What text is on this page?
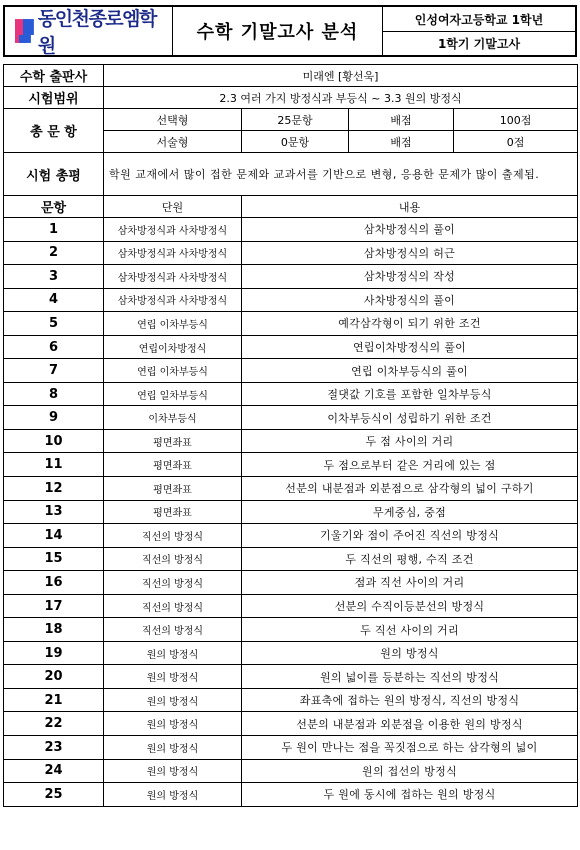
동인천종로엠학원
수학 기말고사 분석
인성여자고등학교 1학년
1학기 기말고사
수학 출판사	미래엔 [황선욱]			
시험범위	2.3 여러 가지 방정식과 부등식 ~ 3.3 원의 방정식			
총 문 항	선택형	25문항	배점	100점
	서술형	0문항	배점	0점
시험 총평	학원 교재에서 많이 접한 문제와 교과서를 기반으로 변형, 응용한 문제가 많이 출제됨.			
문항	단원	내용		
1	삼차방정식과 사차방정식	삼차방정식의 풀이		
2	삼차방정식과 사차방정식	삼차방정식의 허근		
3	삼차방정식과 사차방정식	삼차방정식의 작성		
4	삼차방정식과 사차방정식	사차방정식의 풀이		
5	연립 이차부등식	예각삼각형이 되기 위한 조건		
6	연립이차방정식	연립이차방정식의 풀이		
7	연립 이차부등식	연립 이차부등식의 풀이		
8	연립 일차부등식	절댓값 기호를 포함한 일차부등식		
9	이차부등식	이차부등식이 성립하기 위한 조건		
10	평면좌표	두 점 사이의 거리		
11	평면좌표	두 점으로부터 같은 거리에 있는 점		
12	평면좌표	선분의 내분점과 외분점으로 삼각형의 넓이 구하기		
13	평면좌표	무게중심, 중점		
14	직선의 방정식	기울기와 점이 주어진 직선의 방정식		
15	직선의 방정식	두 직선의 평행, 수직 조건		
16	직선의 방정식	점과 직선 사이의 거리		
17	직선의 방정식	선분의 수직이등분선의 방정식		
18	직선의 방정식	두 직선 사이의 거리		
19	원의 방정식	원의 방정식		
20	원의 방정식	원의 넓이를 등분하는 직선의 방정식		
21	원의 방정식	좌표축에 접하는 원의 방정식, 직선의 방정식		
22	원의 방정식	선분의 내분점과 외분점을 이용한 원의 방정식		
23	원의 방정식	두 원이 만나는 점을 꼭짓점으로 하는 삼각형의 넓이		
24	원의 방정식	원의 접선의 방정식		
25	원의 방정식	두 원에 동시에 접하는 원의 방정식		
